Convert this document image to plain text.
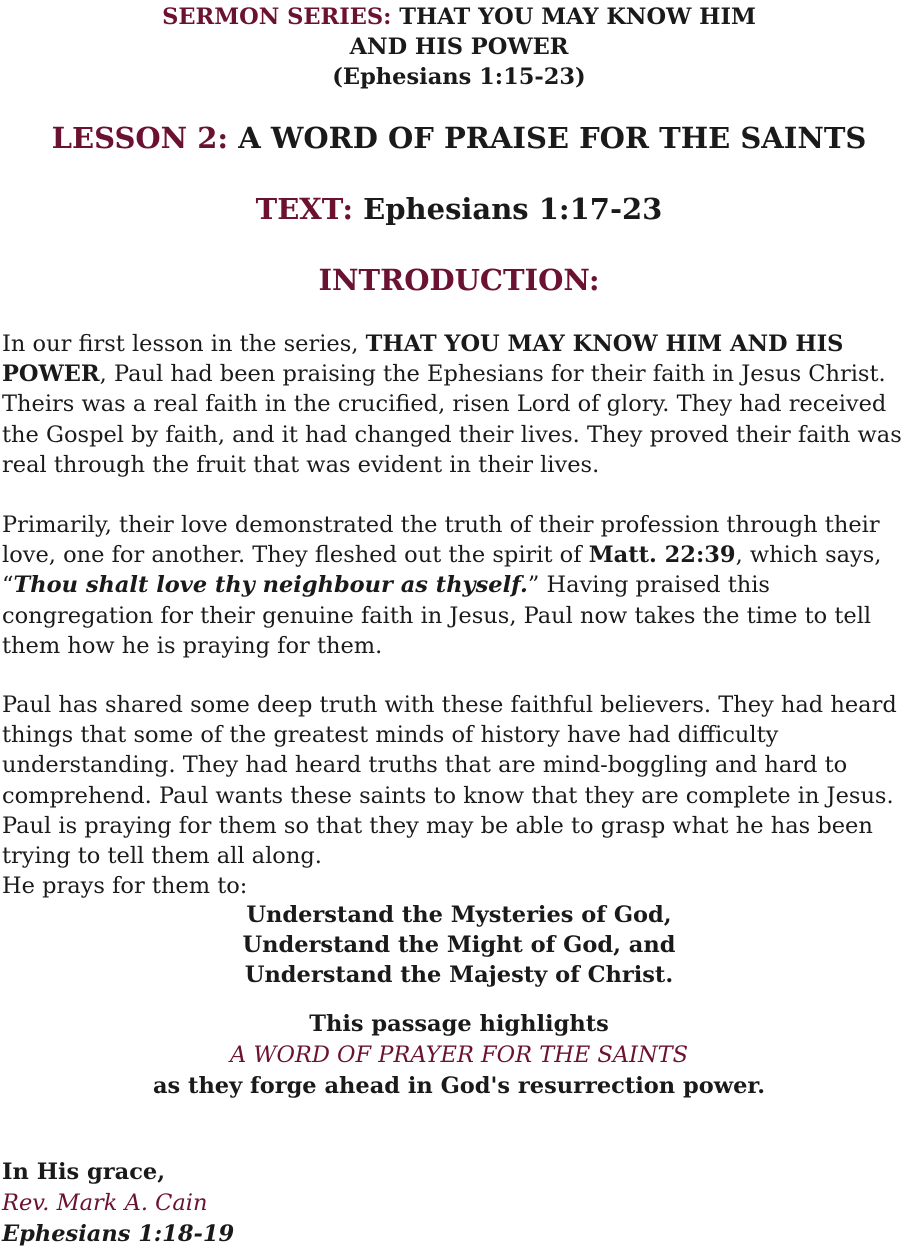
SERMON SERIES: THAT YOU MAY KNOW HIM
AND HIS POWER
(Ephesians 1:15-23)
LESSON 2: A WORD OF PRAISE FOR THE SAINTS
TEXT: Ephesians 1:17-23
INTRODUCTION:

In our first lesson in the series, THAT YOU MAY KNOW HIM AND HIS POWER, Paul had been praising the Ephesians for their faith in Jesus Christ. Theirs was a real faith in the crucified, risen Lord of glory. They had received the Gospel by faith, and it had changed their lives. They proved their faith was real through the fruit that was evident in their lives.

Primarily, their love demonstrated the truth of their profession through their love, one for another. They fleshed out the spirit of Matt. 22:39, which says, “Thou shalt love thy neighbour as thyself.” Having praised this congregation for their genuine faith in Jesus, Paul now takes the time to tell them how he is praying for them.

Paul has shared some deep truth with these faithful believers. They had heard things that some of the greatest minds of history have had difficulty understanding. They had heard truths that are mind-boggling and hard to comprehend. Paul wants these saints to know that they are complete in Jesus. Paul is praying for them so that they may be able to grasp what he has been trying to tell them all along.
He prays for them to:

Understand the Mysteries of God,
Understand the Might of God, and
Understand the Majesty of Christ.
This passage highlights
A WORD OF PRAYER FOR THE SAINTS
as they forge ahead in God's resurrection power.
In His grace,
Rev. Mark A. Cain
Ephesians 1:18-19
